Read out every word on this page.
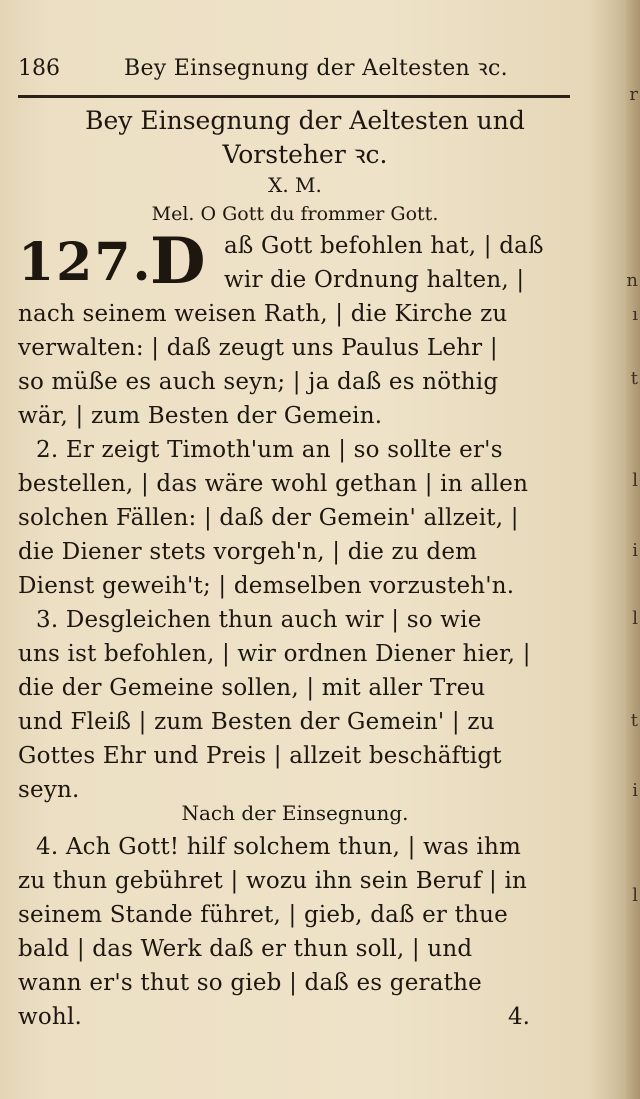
r
n
ı
t
l
i
l
t
i
l
186	Bey Einsegnung der Aeltesten ꝛc.
Bey Einsegnung der Aeltesten und
Vorsteher ꝛc.
X. M.
Mel. O Gott du frommer Gott.
127.
D aß Gott befohlen hat, | daß
wir die Ordnung halten, |
nach seinem weisen Rath, | die Kirche zu
verwalten: | daß zeugt uns Paulus Lehr |
so müße es auch seyn; | ja daß es nöthig
wär, | zum Besten der Gemein.
2. Er zeigt Timoth'um an | so sollte er's
bestellen, | das wäre wohl gethan | in allen
solchen Fällen: | daß der Gemein' allzeit, |
die Diener stets vorgeh'n, | die zu dem
Dienst geweih't; | demselben vorzusteh'n.
3. Desgleichen thun auch wir | so wie
uns ist befohlen, | wir ordnen Diener hier, |
die der Gemeine sollen, | mit aller Treu
und Fleiß | zum Besten der Gemein' | zu
Gottes Ehr und Preis | allzeit beschäftigt
seyn.
Nach der Einsegnung.
4. Ach Gott! hilf solchem thun, | was ihm
zu thun gebühret | wozu ihn sein Beruf | in
seinem Stande führet, | gieb, daß er thue
bald | das Werk daß er thun soll, | und
wann er's thut so gieb | daß es gerathe
wohl.	4.
